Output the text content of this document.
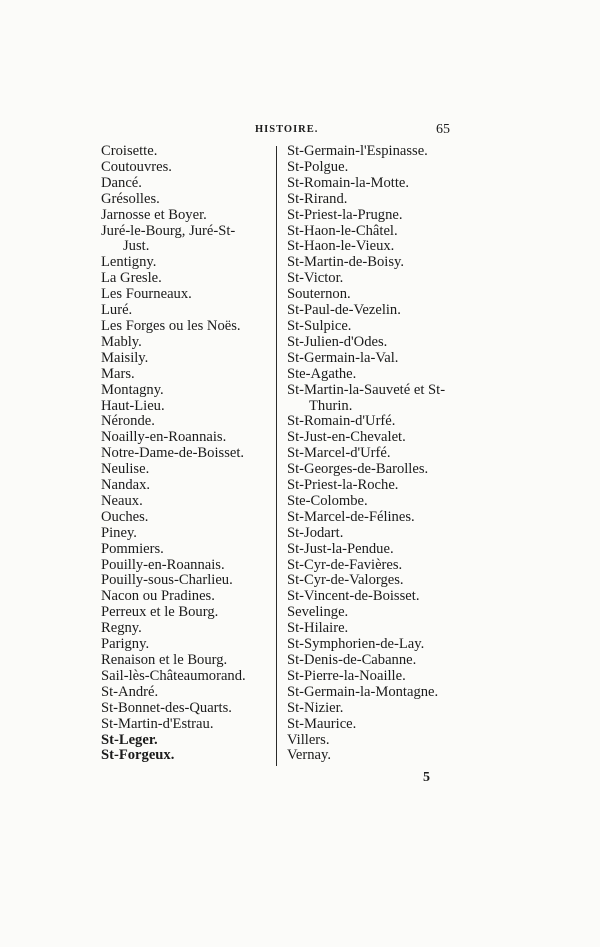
HISTOIRE.	65
Croisette.
Coutouvres.
Dancé.
Grésolles.
Jarnosse et Boyer.
Juré-le-Bourg, Juré-St-
Just.
Lentigny.
La Gresle.
Les Fourneaux.
Luré.
Les Forges ou les Noës.
Mably.
Maisily.
Mars.
Montagny.
Haut-Lieu.
Néronde.
Noailly-en-Roannais.
Notre-Dame-de-Boisset.
Neulise.
Nandax.
Neaux.
Ouches.
Piney.
Pommiers.
Pouilly-en-Roannais.
Pouilly-sous-Charlieu.
Nacon ou Pradines.
Perreux et le Bourg.
Regny.
Parigny.
Renaison et le Bourg.
Sail-lès-Châteaumorand.
St-André.
St-Bonnet-des-Quarts.
St-Martin-d'Estrau.
St-Leger.
St-Forgeux.
St-Germain-l'Espinasse.
St-Polgue.
St-Romain-la-Motte.
St-Rirand.
St-Priest-la-Prugne.
St-Haon-le-Châtel.
St-Haon-le-Vieux.
St-Martin-de-Boisy.
St-Victor.
Souternon.
St-Paul-de-Vezelin.
St-Sulpice.
St-Julien-d'Odes.
St-Germain-la-Val.
Ste-Agathe.
St-Martin-la-Sauveté et St-
Thurin.
St-Romain-d'Urfé.
St-Just-en-Chevalet.
St-Marcel-d'Urfé.
St-Georges-de-Barolles.
St-Priest-la-Roche.
Ste-Colombe.
St-Marcel-de-Félines.
St-Jodart.
St-Just-la-Pendue.
St-Cyr-de-Favières.
St-Cyr-de-Valorges.
St-Vincent-de-Boisset.
Sevelinge.
St-Hilaire.
St-Symphorien-de-Lay.
St-Denis-de-Cabanne.
St-Pierre-la-Noaille.
St-Germain-la-Montagne.
St-Nizier.
St-Maurice.
Villers.
Vernay.
5
